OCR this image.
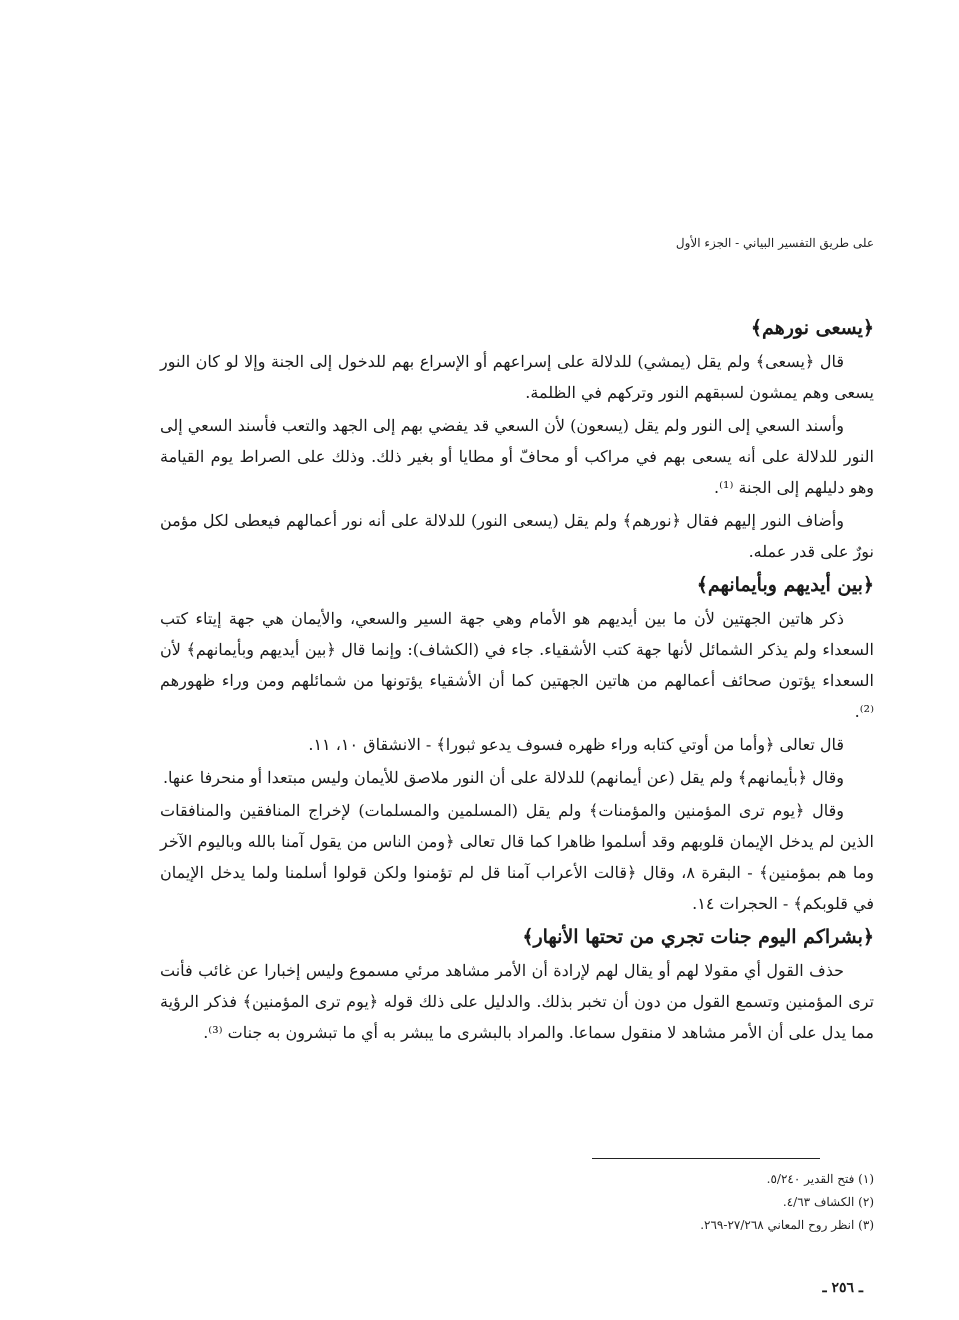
على طريق التفسير البياني - الجزء الأول
﴿يسعى نورهم﴾

قال ﴿يسعى﴾ ولم يقل (يمشي) للدلالة على إسراعهم أو الإسراع بهم للدخول إلى الجنة وإلا لو كان النور يسعى وهم يمشون لسبقهم النور وتركهم في الظلمة.

وأسند السعي إلى النور ولم يقل (يسعون) لأن السعي قد يفضي بهم إلى الجهد والتعب فأسند السعي إلى النور للدلالة على أنه يسعى بهم في مراكب أو محافّ أو مطايا أو بغير ذلك. وذلك على الصراط يوم القيامة وهو دليلهم إلى الجنة ⁽¹⁾.

وأضاف النور إليهم فقال ﴿نورهم﴾ ولم يقل (يسعى النور) للدلالة على أنه نور أعمالهم فيعطى لكل مؤمن نورٌ على قدر عمله.

﴿بين أيديهم وبأيمانهم﴾

ذكر هاتين الجهتين لأن ما بين أيديهم هو الأمام وهي جهة السير والسعي، والأيمان هي جهة إيتاء كتب السعداء ولم يذكر الشمائل لأنها جهة كتب الأشقياء. جاء في (الكشاف): وإنما قال ﴿بين أيديهم وبأيمانهم﴾ لأن السعداء يؤتون صحائف أعمالهم من هاتين الجهتين كما أن الأشقياء يؤتونها من شمائلهم ومن وراء ظهورهم ⁽²⁾.

قال تعالى ﴿وأما من أوتي كتابه وراء ظهره فسوف يدعو ثبورا﴾ - الانشقاق ١٠، ١١.

وقال ﴿بأيمانهم﴾ ولم يقل (عن أيمانهم) للدلالة على أن النور ملاصق للأيمان وليس مبتعدا أو منحرفا عنها.

وقال ﴿يوم ترى المؤمنين والمؤمنات﴾ ولم يقل (المسلمين والمسلمات) لإخراج المنافقين والمنافقات الذين لم يدخل الإيمان قلوبهم وقد أسلموا ظاهرا كما قال تعالى ﴿ومن الناس من يقول آمنا بالله وباليوم الآخر وما هم بمؤمنين﴾ - البقرة ٨، وقال ﴿قالت الأعراب آمنا قل لم تؤمنوا ولكن قولوا أسلمنا ولما يدخل الإيمان في قلوبكم﴾ - الحجرات ١٤.

﴿بشراكم اليوم جنات تجري من تحتها الأنهار﴾

حذف القول أي مقولا لهم أو يقال لهم لإرادة أن الأمر مشاهد مرئي مسموع وليس إخبارا عن غائب فأنت ترى المؤمنين وتسمع القول من دون أن تخبر بذلك. والدليل على ذلك قوله ﴿يوم ترى المؤمنين﴾ فذكر الرؤية مما يدل على أن الأمر مشاهد لا منقول سماعا. والمراد بالبشرى ما يبشر به أي ما تبشرون به جنات ⁽³⁾.

(١) فتح القدير ٥/٢٤٠.
(٢) الكشاف ٤/٦٣.
(٣) انظر روح المعاني ٢٧/٢٦٨-٢٦٩.
ـ ٢٥٦ ـ
